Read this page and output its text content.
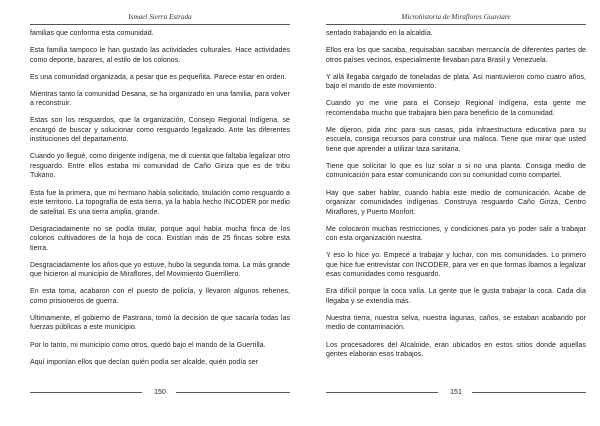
Ismael Sierra Estrada

familias que conforma esta comunidad.

Esta familia tampoco le han gustado las actividades culturales. Hace actividades como deporte, bazares, al estilo de los colonos.

Es una comunidad organizada, a pesar que es pequeñita. Parece estar en orden.

Mientras tanto la comunidad Desana, se ha organizado en una familia, para volver a reconstruir.

Estas son los resguardos, que la organización, Consejo Regional Indígena, se encargó de buscar y solucionar como resguardo legalizado. Ante las diferentes instituciones del departamento.

Cuando yo llegué, como dirigente indígena, me di cuenta que faltaba legalizar otro resguardo. Entre ellos estaba mi comunidad de Caño Giriza que es de tribu Tukano.

Esta fue la primera, que mi hermano había solicitado, titulación como resguardo a este territorio. La topografía de esta tierra, ya la había hecho INCODER por medio de satelital. Es una tierra amplia, grande.

Desgraciadamente no se podía titular, porque aquí había mucha finca de los colonos cultivadores de la hoja de coca. Existían más de 25 fincas sobre esta tierra.

Desgraciadamente los años que yo estuve, hubo la segunda toma. La más grande que hicieron al municipio de Miraflores, del Movimiento Guerrillero.

En esta toma, acabaron con el puesto de policía, y llevaron algunos rehenes, como prisioneros de guerra.

Últimamente, el gobierno de Pastrana, tomó la decisión de que sacaría todas las fuerzas públicas a este municipio.

Por lo tanto, mi municipio como otros, quedó bajo el mando de la Guerrilla.

Aquí imponían ellos que decían quién podía ser alcalde, quién podía ser

150
Microhistoria de Miraflores Guaviare

sentado trabajando en la alcaldía.

Ellos era los que sacaba, requisaban sacaban mercancía de diferentes partes de otros países vecinos, especialmente llevaban para Brasil y Venezuela.

Y allá llegaba cargado de toneladas de plata. Así mantuvieron como cuatro años, bajo el mando de este movimiento.

Cuando yo me vine para el Consejo Regional Indígena, esta gente me recomendaba mucho que trabajara bien para beneficio de la comunidad.

Me dijeron, pida zinc para sus casas, pida infraestructura educativa para su escuela, consiga recursos para construir una maloca. Tiene que mirar que usted tiene que aprender a utilizar taza sanitaria.

Tiene que solicitar lo que es luz solar o si no una planta. Consiga medio de comunicación para estar comunicando con su comunidad como compartel.

Hay que saber hablar, cuando había este medio de comunicación. Acabe de organizar comunidades indígenas. Construya resguardo Caño Giriza, Centro Miraflores, y Puerto Monfort.

Me colocaron muchas restricciones, y condiciones para yo poder salir a trabajar con esta organización nuestra.

Y eso lo hice yo. Empecé a trabajar y luchar, con mis comunidades. Lo primero que hice fue entrevistar con INCODER, para ver en que formas íbamos a legalizar esas comunidades como resguardo.

Era difícil porque la coca valía. La gente que le gusta trabajar la coca. Cada día llegaba y se extendía más.

Nuestra tierra, nuestra selva, nuestra lagunas, caños, se estaban acabando por medio de contaminación.

Los procesadores del Alcaloide, eran ubicados en estos sitios donde aquellas gentes elaboran esos trabajos.

151
